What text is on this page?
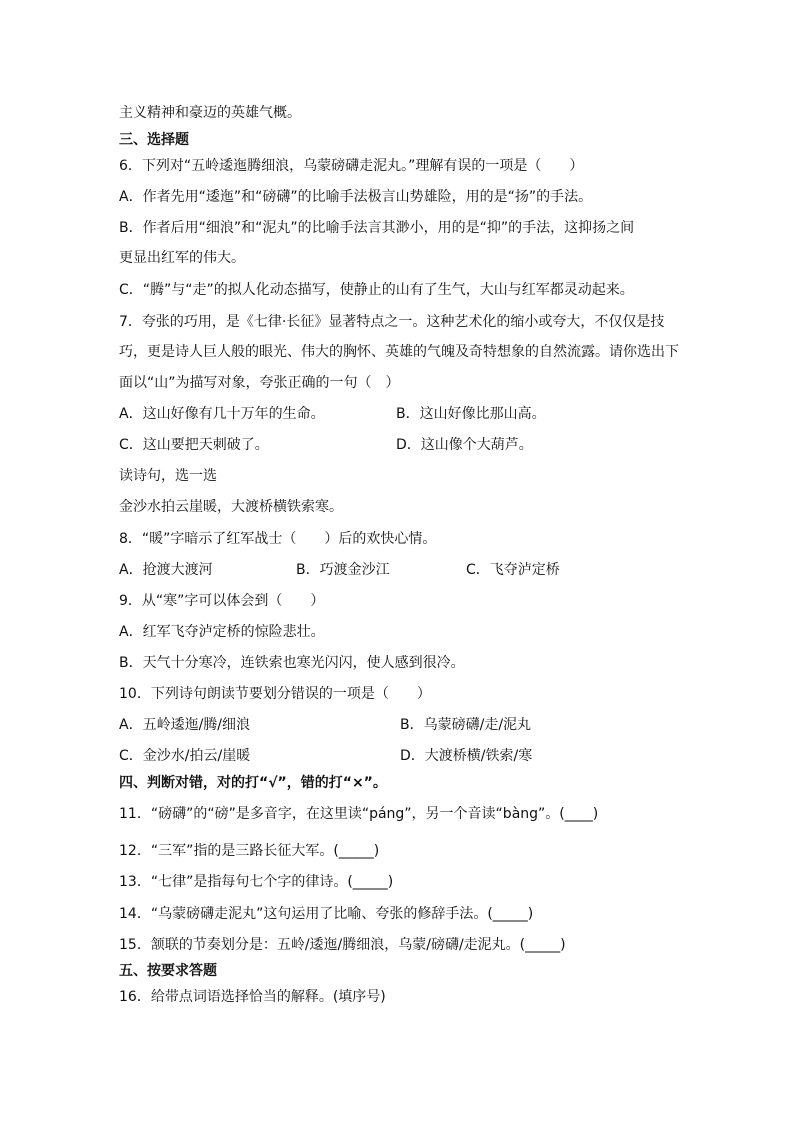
主义精神和豪迈的英雄气概。
三、选择题
6．下列对“五岭逶迤腾细浪，乌蒙磅礴走泥丸。”理解有误的一项是（　　）
A．作者先用“逶迤”和“磅礴”的比喻手法极言山势雄险，用的是“扬”的手法。
B．作者后用“细浪”和“泥丸”的比喻手法言其渺小，用的是“抑”的手法，这抑扬之间
更显出红军的伟大。
C．“腾”与“走”的拟人化动态描写，使静止的山有了生气，大山与红军都灵动起来。
7．夸张的巧用，是《七律·长征》显著特点之一。这种艺术化的缩小或夸大，不仅仅是技
巧，更是诗人巨人般的眼光、伟大的胸怀、英雄的气魄及奇特想象的自然流露。请你选出下
面以“山”为描写对象，夸张正确的一句（　）
A．这山好像有几十万年的生命。	B．这山好像比那山高。
C．这山要把天刺破了。	D．这山像个大葫芦。
读诗句，选一选
金沙水拍云崖暖，大渡桥横铁索寒。
8．“暖”字暗示了红军战士（　　）后的欢快心情。
A．抢渡大渡河	B．巧渡金沙江	C．飞夺泸定桥
9．从“寒”字可以体会到（　　）
A．红军飞夺泸定桥的惊险悲壮。
B．天气十分寒冷，连铁索也寒光闪闪，使人感到很冷。
10．下列诗句朗读节要划分错误的一项是（　　）
A．五岭逶迤/腾/细浪	B．乌蒙磅礴/走/泥丸
C．金沙水/拍云/崖暖	D．大渡桥横/铁索/寒
四、判断对错，对的打“√”，错的打“×”。
11．“磅礴”的“磅”是多音字，在这里读“páng”，另一个音读“bàng”。(____)
12．“三军”指的是三路长征大军。(_____)
13．“七律”是指每句七个字的律诗。(_____)
14．“乌蒙磅礴走泥丸”这句运用了比喻、夸张的修辞手法。(_____)
15．颔联的节奏划分是：五岭/逶迤/腾细浪，乌蒙/磅礴/走泥丸。(_____)
五、按要求答题
16．给带点词语选择恰当的解释。(填序号)
